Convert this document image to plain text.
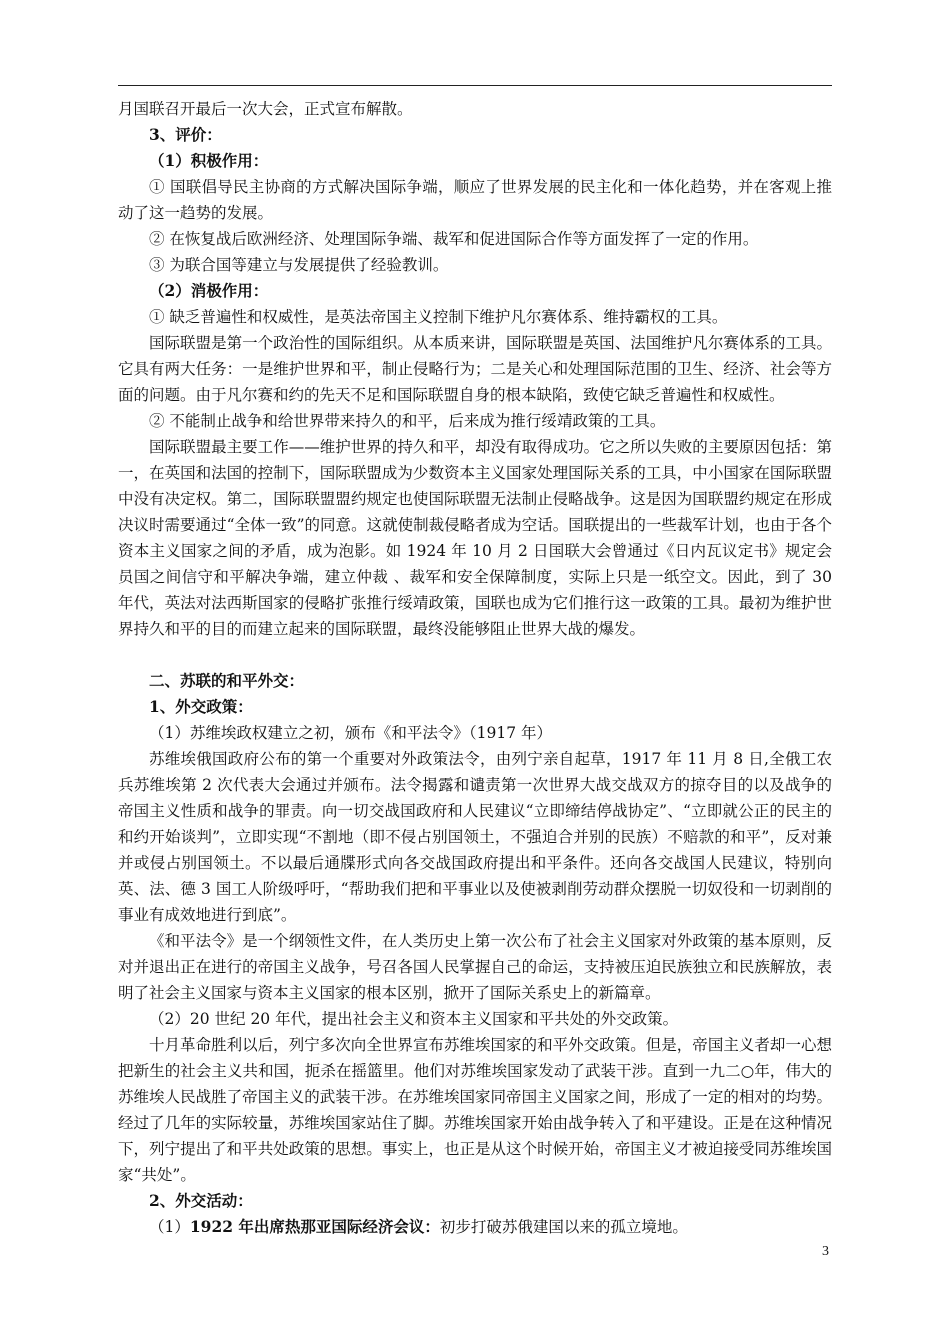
月国联召开最后一次大会，正式宣布解散。

3、评价：

（1）积极作用：

① 国联倡导民主协商的方式解决国际争端，顺应了世界发展的民主化和一体化趋势，并在客观上推动了这一趋势的发展。

② 在恢复战后欧洲经济、处理国际争端、裁军和促进国际合作等方面发挥了一定的作用。

③ 为联合国等建立与发展提供了经验教训。

（2）消极作用：

① 缺乏普遍性和权威性，是英法帝国主义控制下维护凡尔赛体系、维持霸权的工具。

国际联盟是第一个政治性的国际组织。从本质来讲，国际联盟是英国、法国维护凡尔赛体系的工具。它具有两大任务：一是维护世界和平，制止侵略行为；二是关心和处理国际范围的卫生、经济、社会等方面的问题。由于凡尔赛和约的先天不足和国际联盟自身的根本缺陷，致使它缺乏普遍性和权威性。

② 不能制止战争和给世界带来持久的和平，后来成为推行绥靖政策的工具。

国际联盟最主要工作——维护世界的持久和平，却没有取得成功。它之所以失败的主要原因包括：第一，在英国和法国的控制下，国际联盟成为少数资本主义国家处理国际关系的工具，中小国家在国际联盟中没有决定权。第二，国际联盟盟约规定也使国际联盟无法制止侵略战争。这是因为国联盟约规定在形成决议时需要通过“全体一致”的同意。这就使制裁侵略者成为空话。国联提出的一些裁军计划，也由于各个资本主义国家之间的矛盾，成为泡影。如 1924 年 10 月 2 日国联大会曾通过《日内瓦议定书》规定会员国之间信守和平解决争端，建立仲裁 、裁军和安全保障制度，实际上只是一纸空文。因此，到了 30 年代，英法对法西斯国家的侵略扩张推行绥靖政策，国联也成为它们推行这一政策的工具。最初为维护世界持久和平的目的而建立起来的国际联盟，最终没能够阻止世界大战的爆发。

二、苏联的和平外交：

1、外交政策：

（1）苏维埃政权建立之初，颁布《和平法令》（1917 年）

苏维埃俄国政府公布的第一个重要对外政策法令，由列宁亲自起草，1917 年 11 月 8 日,全俄工农兵苏维埃第 2 次代表大会通过并颁布。法令揭露和谴责第一次世界大战交战双方的掠夺目的以及战争的帝国主义性质和战争的罪责。向一切交战国政府和人民建议“立即缔结停战协定”、“立即就公正的民主的和约开始谈判”，立即实现“不割地（即不侵占别国领土，不强迫合并别的民族）不赔款的和平”，反对兼并或侵占别国领土。不以最后通牒形式向各交战国政府提出和平条件。还向各交战国人民建议，特别向英、法、德 3 国工人阶级呼吁，“帮助我们把和平事业以及使被剥削劳动群众摆脱一切奴役和一切剥削的事业有成效地进行到底”。

《和平法令》是一个纲领性文件，在人类历史上第一次公布了社会主义国家对外政策的基本原则，反对并退出正在进行的帝国主义战争，号召各国人民掌握自己的命运，支持被压迫民族独立和民族解放，表明了社会主义国家与资本主义国家的根本区别，掀开了国际关系史上的新篇章。

（2）20 世纪 20 年代，提出社会主义和资本主义国家和平共处的外交政策。

十月革命胜利以后，列宁多次向全世界宣布苏维埃国家的和平外交政策。但是，帝国主义者却一心想把新生的社会主义共和国，扼杀在摇篮里。他们对苏维埃国家发动了武装干涉。直到一九二○年，伟大的苏维埃人民战胜了帝国主义的武装干涉。在苏维埃国家同帝国主义国家之间，形成了一定的相对的均势。经过了几年的实际较量，苏维埃国家站住了脚。苏维埃国家开始由战争转入了和平建设。正是在这种情况下，列宁提出了和平共处政策的思想。事实上，也正是从这个时候开始，帝国主义才被迫接受同苏维埃国家“共处”。

2、外交活动：

（1）1922 年出席热那亚国际经济会议：初步打破苏俄建国以来的孤立境地。

3
